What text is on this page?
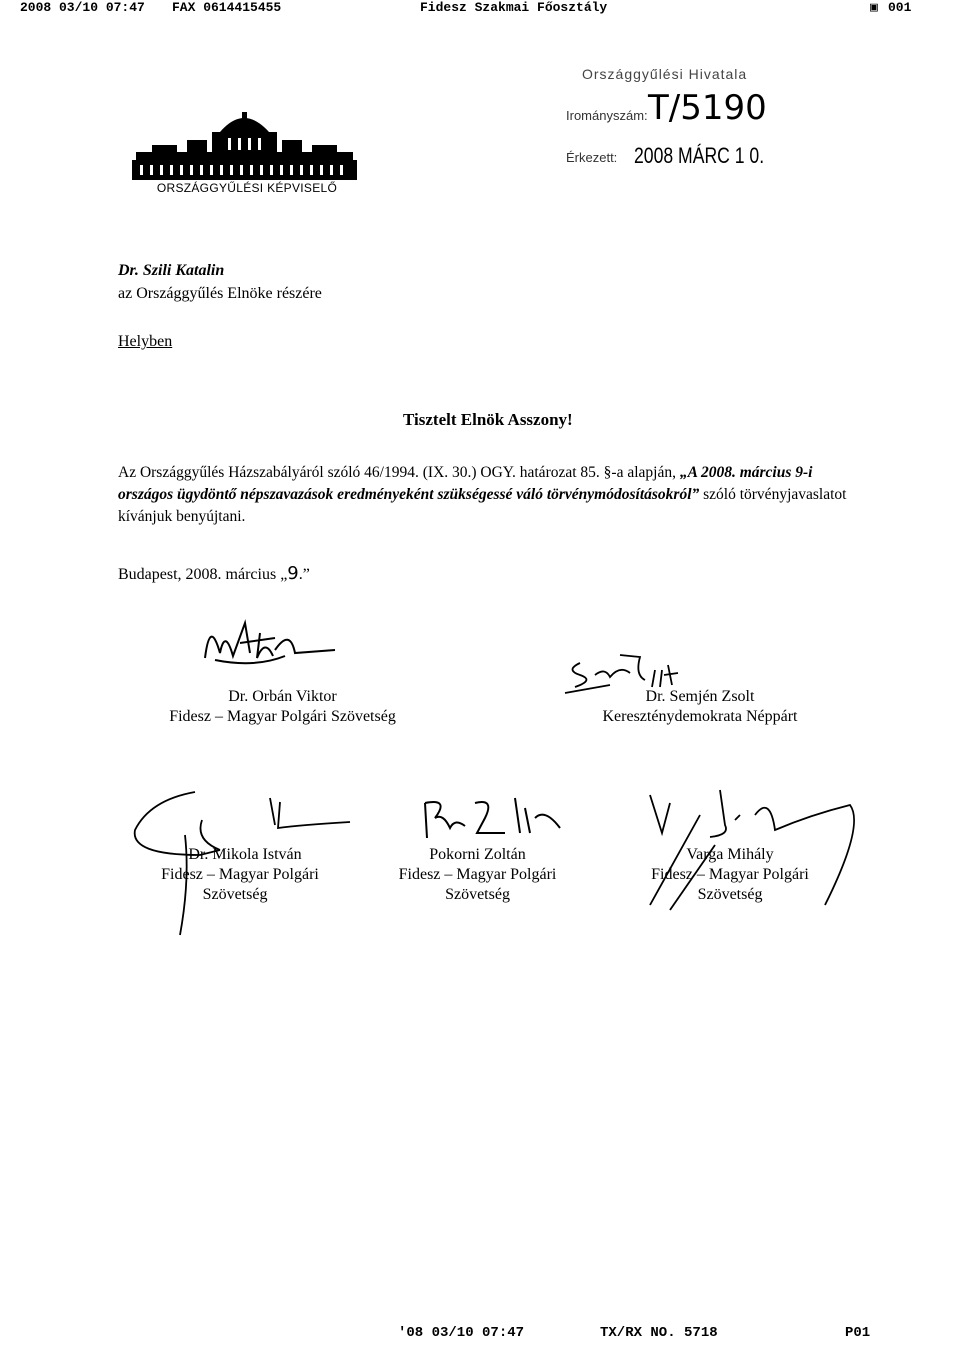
2008 03/10 07:47 FAX 0614415455	Fidesz Szakmai Főosztály	▣ 001
ORSZÁGGYŰLÉSI KÉPVISELŐ
Országgyűlési Hivatala
Irományszám: T/5190
Érkezett: 2008 MÁRC 1 0.
Dr. Szili Katalin
az Országgyűlés Elnöke részére
Helyben
Tisztelt Elnök Asszony!
Az Országgyűlés Házszabályáról szóló 46/1994. (IX. 30.) OGY. határozat 85. §-a alapján, „A 2008. március 9-i országos ügydöntő népszavazások eredményeként szükségessé váló törvénymódosításokról” szóló törvényjavaslatot kívánjuk benyújtani.
Budapest, 2008. március „9.”
Dr. Orbán Viktor
Fidesz – Magyar Polgári Szövetség
Dr. Semjén Zsolt
Kereszténydemokrata Néppárt
Dr. Mikola István
Fidesz – Magyar Polgári
Szövetség
Pokorni Zoltán
Fidesz – Magyar Polgári
Szövetség
Varga Mihály
Fidesz – Magyar Polgári
Szövetség
'08 03/10 07:47	TX/RX NO. 5718	P01
